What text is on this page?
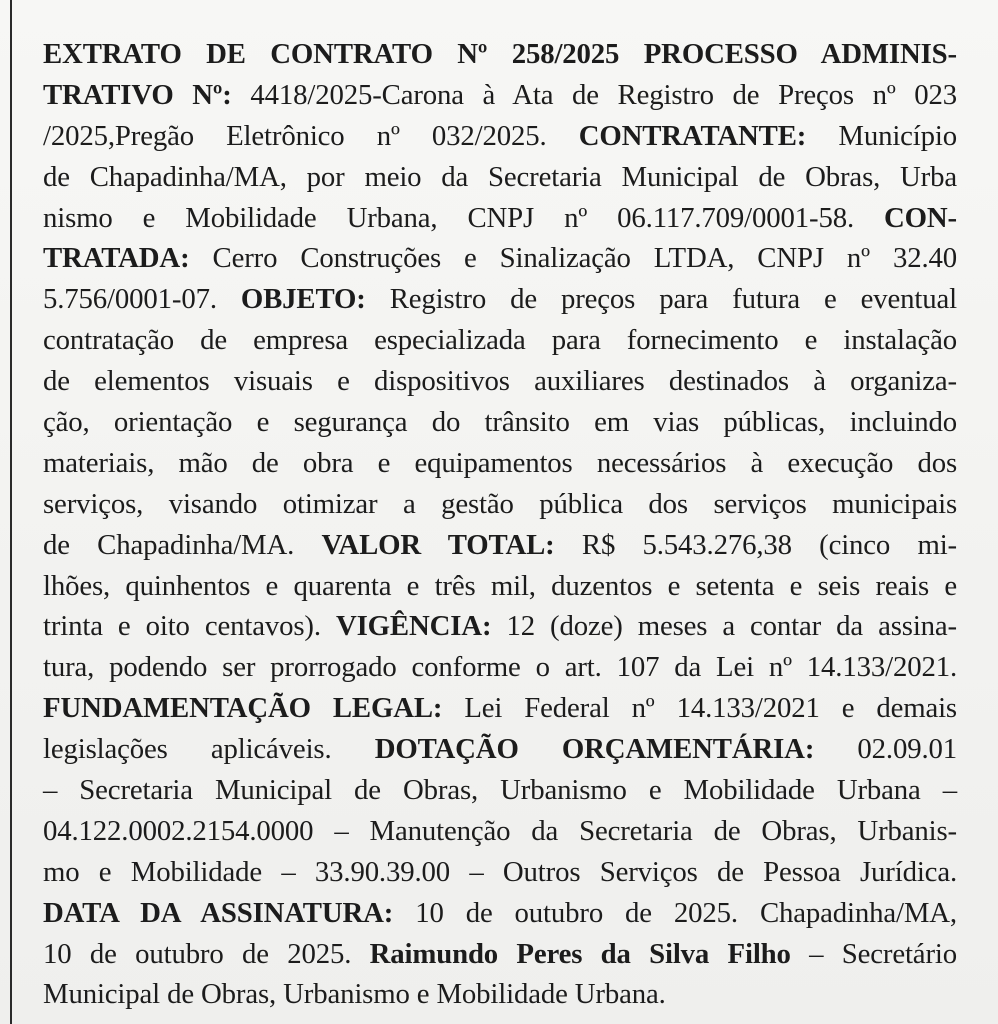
EXTRATO DE CONTRATO Nº 258/2025 PROCESSO ADMINIS-
TRATIVO Nº: 4418/2025-Carona à Ata de Registro de Preços nº 023
/2025,Pregão Eletrônico nº 032/2025. CONTRATANTE: Município
de Chapadinha/MA, por meio da Secretaria Municipal de Obras, Urba
nismo e Mobilidade Urbana, CNPJ nº 06.117.709/0001-58. CON-
TRATADA: Cerro Construções e Sinalização LTDA, CNPJ nº 32.40
5.756/0001-07. OBJETO: Registro de preços para futura e eventual
contratação de empresa especializada para fornecimento e instalação
de elementos visuais e dispositivos auxiliares destinados à organiza-
ção, orientação e segurança do trânsito em vias públicas, incluindo
materiais, mão de obra e equipamentos necessários à execução dos
serviços, visando otimizar a gestão pública dos serviços municipais
de Chapadinha/MA. VALOR TOTAL: R$ 5.543.276,38 (cinco mi-
lhões, quinhentos e quarenta e três mil, duzentos e setenta e seis reais e
trinta e oito centavos). VIGÊNCIA: 12 (doze) meses a contar da assina-
tura, podendo ser prorrogado conforme o art. 107 da Lei nº 14.133/2021.
FUNDAMENTAÇÃO LEGAL: Lei Federal nº 14.133/2021 e demais
legislações aplicáveis. DOTAÇÃO ORÇAMENTÁRIA: 02.09.01
– Secretaria Municipal de Obras, Urbanismo e Mobilidade Urbana –
04.122.0002.2154.0000 – Manutenção da Secretaria de Obras, Urbanis-
mo e Mobilidade – 33.90.39.00 – Outros Serviços de Pessoa Jurídica.
DATA DA ASSINATURA: 10 de outubro de 2025. Chapadinha/MA,
10 de outubro de 2025. Raimundo Peres da Silva Filho – Secretário
Municipal de Obras, Urbanismo e Mobilidade Urbana.
